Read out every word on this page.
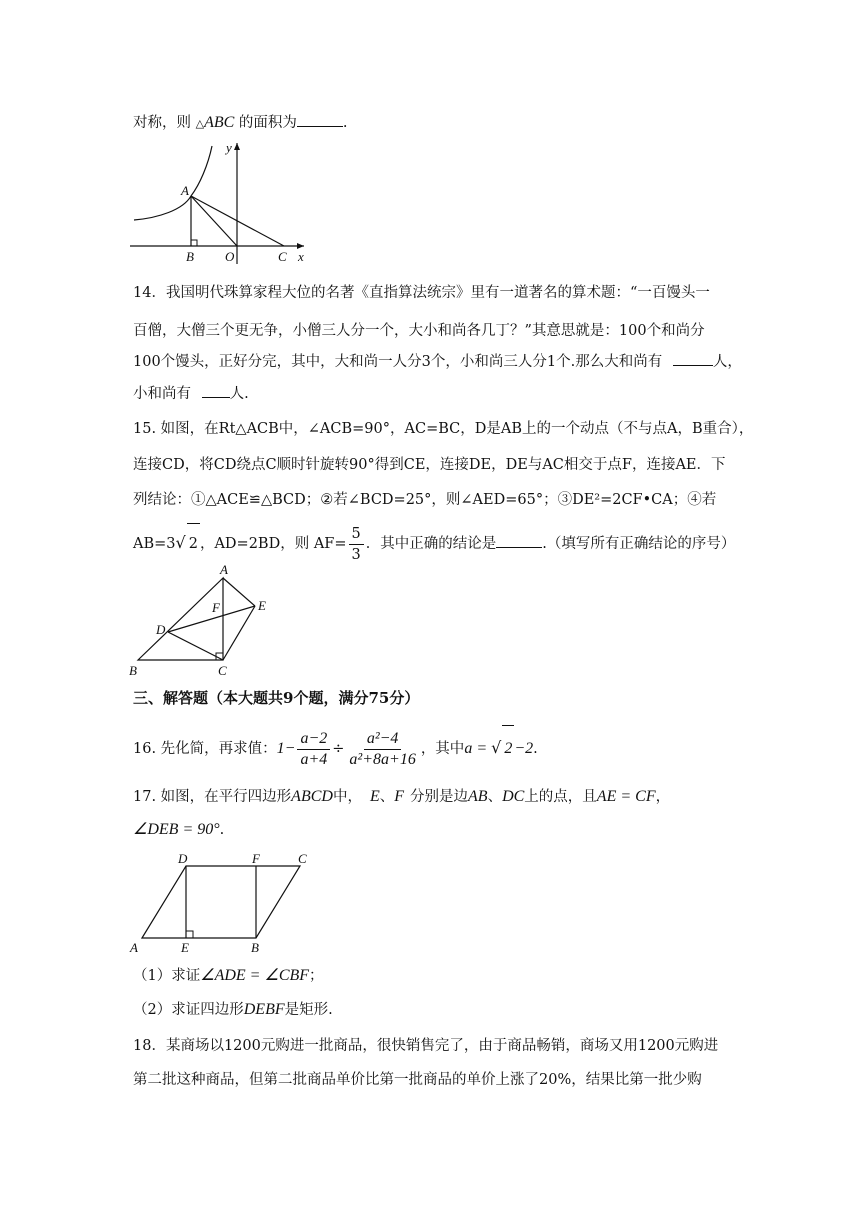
对称，则 △ABC 的面积为	.
y
A
B O	C x
14．我国明代珠算家程大位的名著《直指算法统宗》里有一道著名的算术题：“一百馒头一
百僧，大僧三个更无争，小僧三人分一个，大小和尚各几丁？”其意思就是：100个和尚分
100个馒头，正好分完，其中，大和尚一人分3个，小和尚三人分1个.那么大和尚有	人，
小和尚有	人.
15. 如图，在Rt△ACB中，∠ACB=90°，AC=BC，D是AB上的一个动点（不与点A，B重合），
连接CD，将CD绕点C顺时针旋转90°得到CE，连接DE，DE与AC相交于点F，连接AE．下
列结论：①△ACE≌△BCD；②若∠BCD=25°，则∠AED=65°；③DE²=2CF•CA；④若
AB=3√ 2 ，AD=2BD，则 $AF= \frac{5}{3}$ ．其中正确的结论是	.（填写所有正确结论的序号）
A
E
F
D
B	C
三、解答题（本大题共9个题，满分75分）
16. 先化简，再求值：$1- \frac{a-2}{a+4} \div \frac{\text{a²−4}}{\text{a²+8a+16}}$ ，其中a = √ 2 −2.
17. 如图，在平行四边形ABCD中， E、F 分别是边AB、DC上的点，且AE = CF，
∠DEB = 90°.
D	F	C
A	E	B
（1）求证∠ADE = ∠CBF；
（2）求证四边形DEBF是矩形.
18．某商场以1200元购进一批商品，很快销售完了，由于商品畅销，商场又用1200元购进
第二批这种商品，但第二批商品单价比第一批商品的单价上涨了20%，结果比第一批少购
